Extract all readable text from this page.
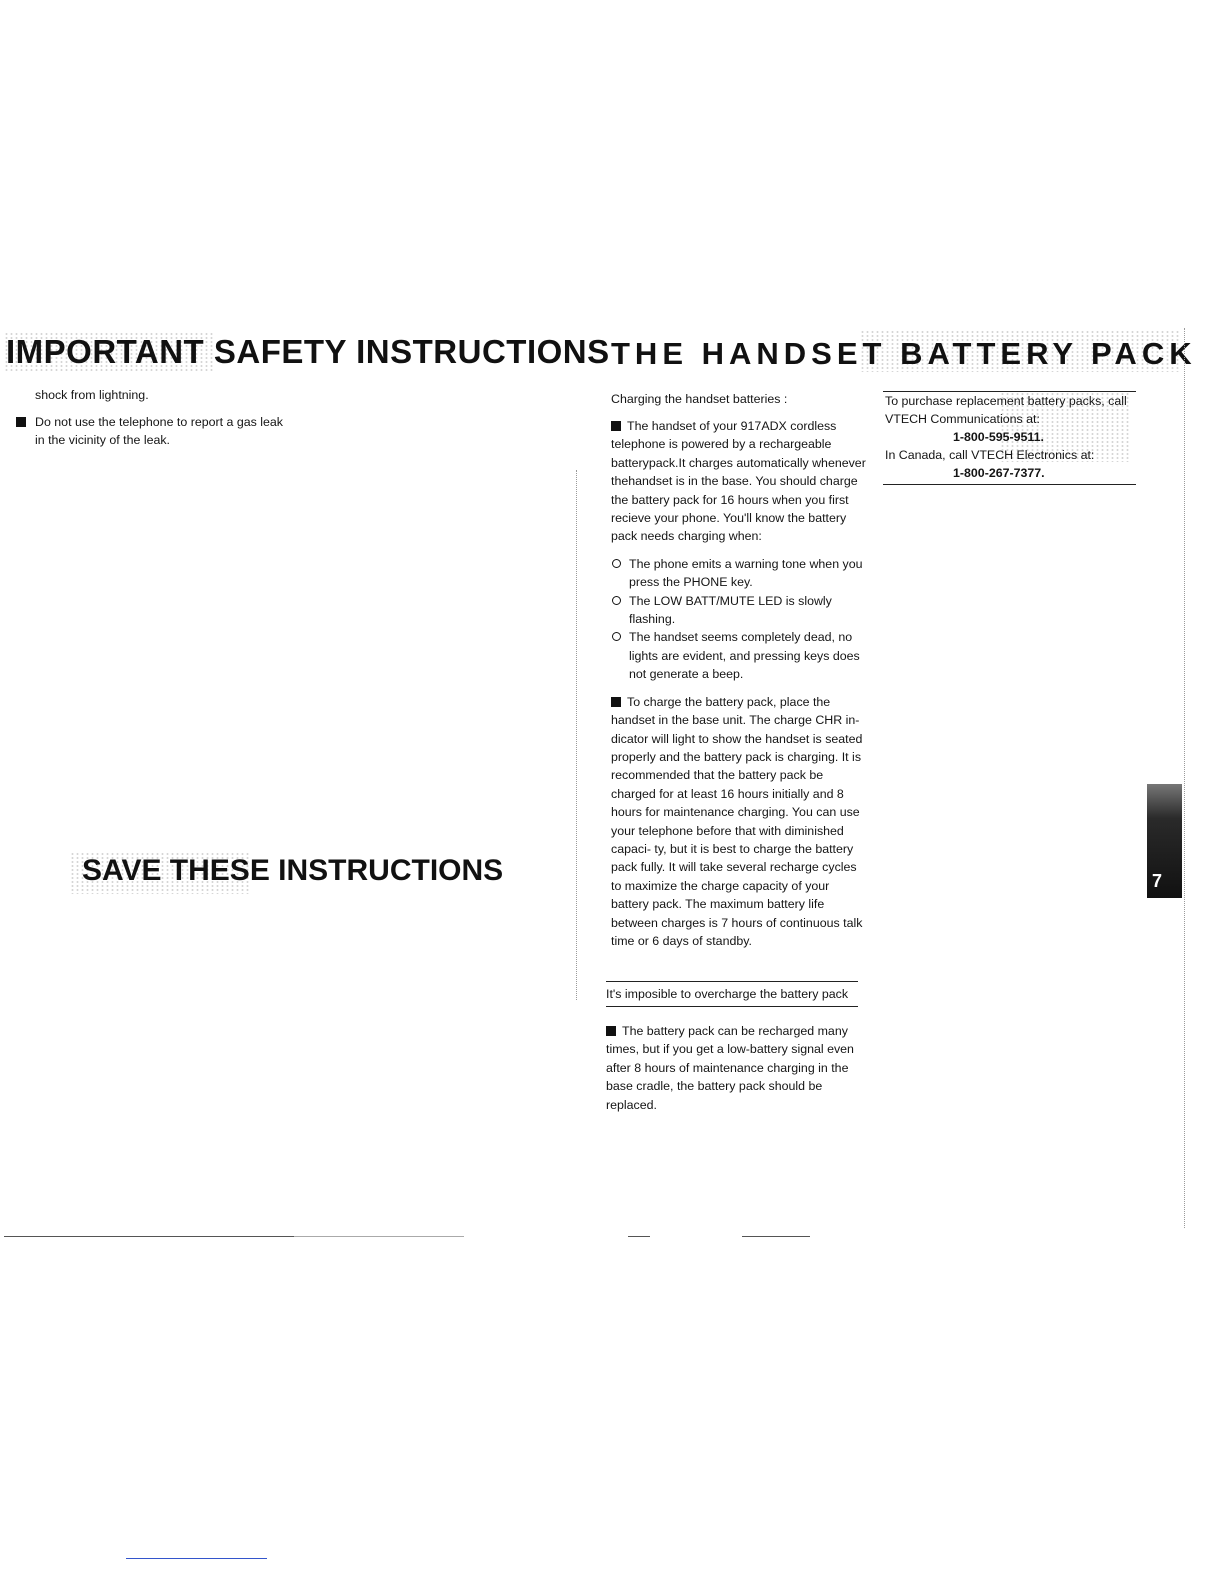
IMPORTANT SAFETY INSTRUCTIONS
shock from lightning.
Do not use the telephone to report a gas leak in the vicinity of the leak.
SAVE THESE INSTRUCTIONS
THE HANDSET BATTERY PACK
Charging the handset batteries :

The handset of your 917ADX cordless telephone is powered by a rechargeable batterypack.It charges automatically whenever thehandset is in the base. You should charge the battery pack for 16 hours when you first recieve your phone. You'll know the battery pack needs charging when:

The phone emits a warning tone when you press the PHONE key.
The LOW BATT/MUTE LED is slowly flashing.
The handset seems completely dead, no lights are evident, and pressing keys does not generate a beep.

To charge the battery pack, place the handset in the base unit. The charge CHR in-dicator will light to show the handset is seated properly and the battery pack is charging. It is recommended that the battery pack be charged for at least 16 hours initially and 8 hours for maintenance charging. You can use your telephone before that with diminished capaci- ty, but it is best to charge the battery pack fully. It will take several recharge cycles to maximize the charge capacity of your battery pack. The maximum battery life between charges is 7 hours of continuous talk time or 6 days of standby.

It's imposible to overcharge the battery pack
The battery pack can be recharged many times, but if you get a low-battery signal even after 8 hours of maintenance charging in the base cradle, the battery pack should be replaced.
To purchase replacement battery packs, call
VTECH Communications at:
1-800-595-9511.
In Canada, call VTECH Electronics at:
1-800-267-7377.
7
